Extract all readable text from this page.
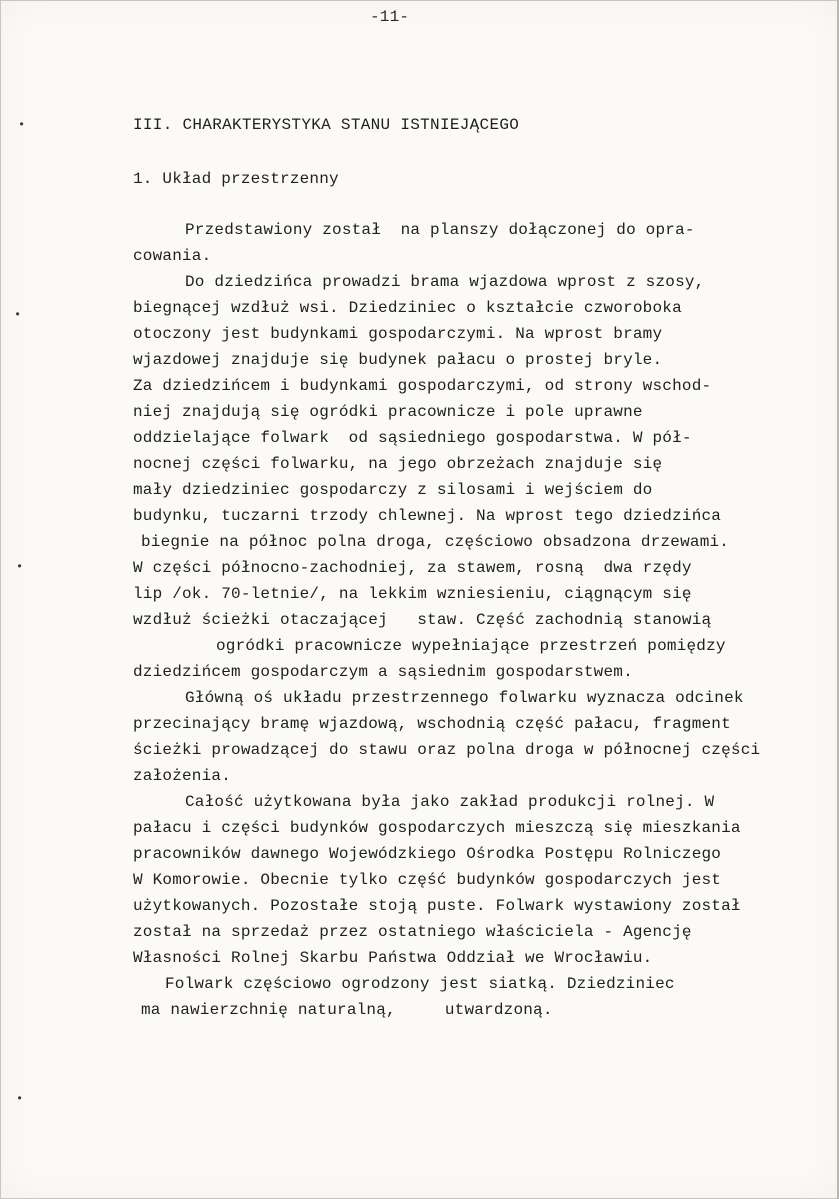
-11-
III. CHARAKTERYSTYKA STANU ISTNIEJĄCEGO
1. Układ przestrzenny
Przedstawiony został  na planszy dołączonej do opra-
cowania.
Do dziedzińca prowadzi brama wjazdowa wprost z szosy,
biegnącej wzdłuż wsi. Dziedziniec o kształcie czworoboka
otoczony jest budynkami gospodarczymi. Na wprost bramy
wjazdowej znajduje się budynek pałacu o prostej bryle.
Za dziedzińcem i budynkami gospodarczymi, od strony wschod-
niej znajdują się ogródki pracownicze i pole uprawne
oddzielające folwark  od sąsiedniego gospodarstwa. W pół-
nocnej części folwarku, na jego obrzeżach znajduje się
mały dziedziniec gospodarczy z silosami i wejściem do
budynku, tuczarni trzody chlewnej. Na wprost tego dziedzińca
biegnie na północ polna droga, częściowo obsadzona drzewami.
W części północno-zachodniej, za stawem, rosną  dwa rzędy
lip /ok. 70-letnie/, na lekkim wzniesieniu, ciągnącym się
wzdłuż ścieżki otaczającej   staw. Część zachodnią stanowią
ogródki pracownicze wypełniające przestrzeń pomiędzy
dziedzińcem gospodarczym a sąsiednim gospodarstwem.
Główną oś układu przestrzennego folwarku wyznacza odcinek
przecinający bramę wjazdową, wschodnią część pałacu, fragment
ścieżki prowadzącej do stawu oraz polna droga w północnej części
założenia.
Całość użytkowana była jako zakład produkcji rolnej. W
pałacu i części budynków gospodarczych mieszczą się mieszkania
pracowników dawnego Wojewódzkiego Ośrodka Postępu Rolniczego
W Komorowie. Obecnie tylko część budynków gospodarczych jest
użytkowanych. Pozostałe stoją puste. Folwark wystawiony został
został na sprzedaż przez ostatniego właściciela - Agencję
Własności Rolnej Skarbu Państwa Oddział we Wrocławiu.
Folwark częściowo ogrodzony jest siatką. Dziedziniec
ma nawierzchnię naturalną,     utwardzoną.
•
•
•
•
